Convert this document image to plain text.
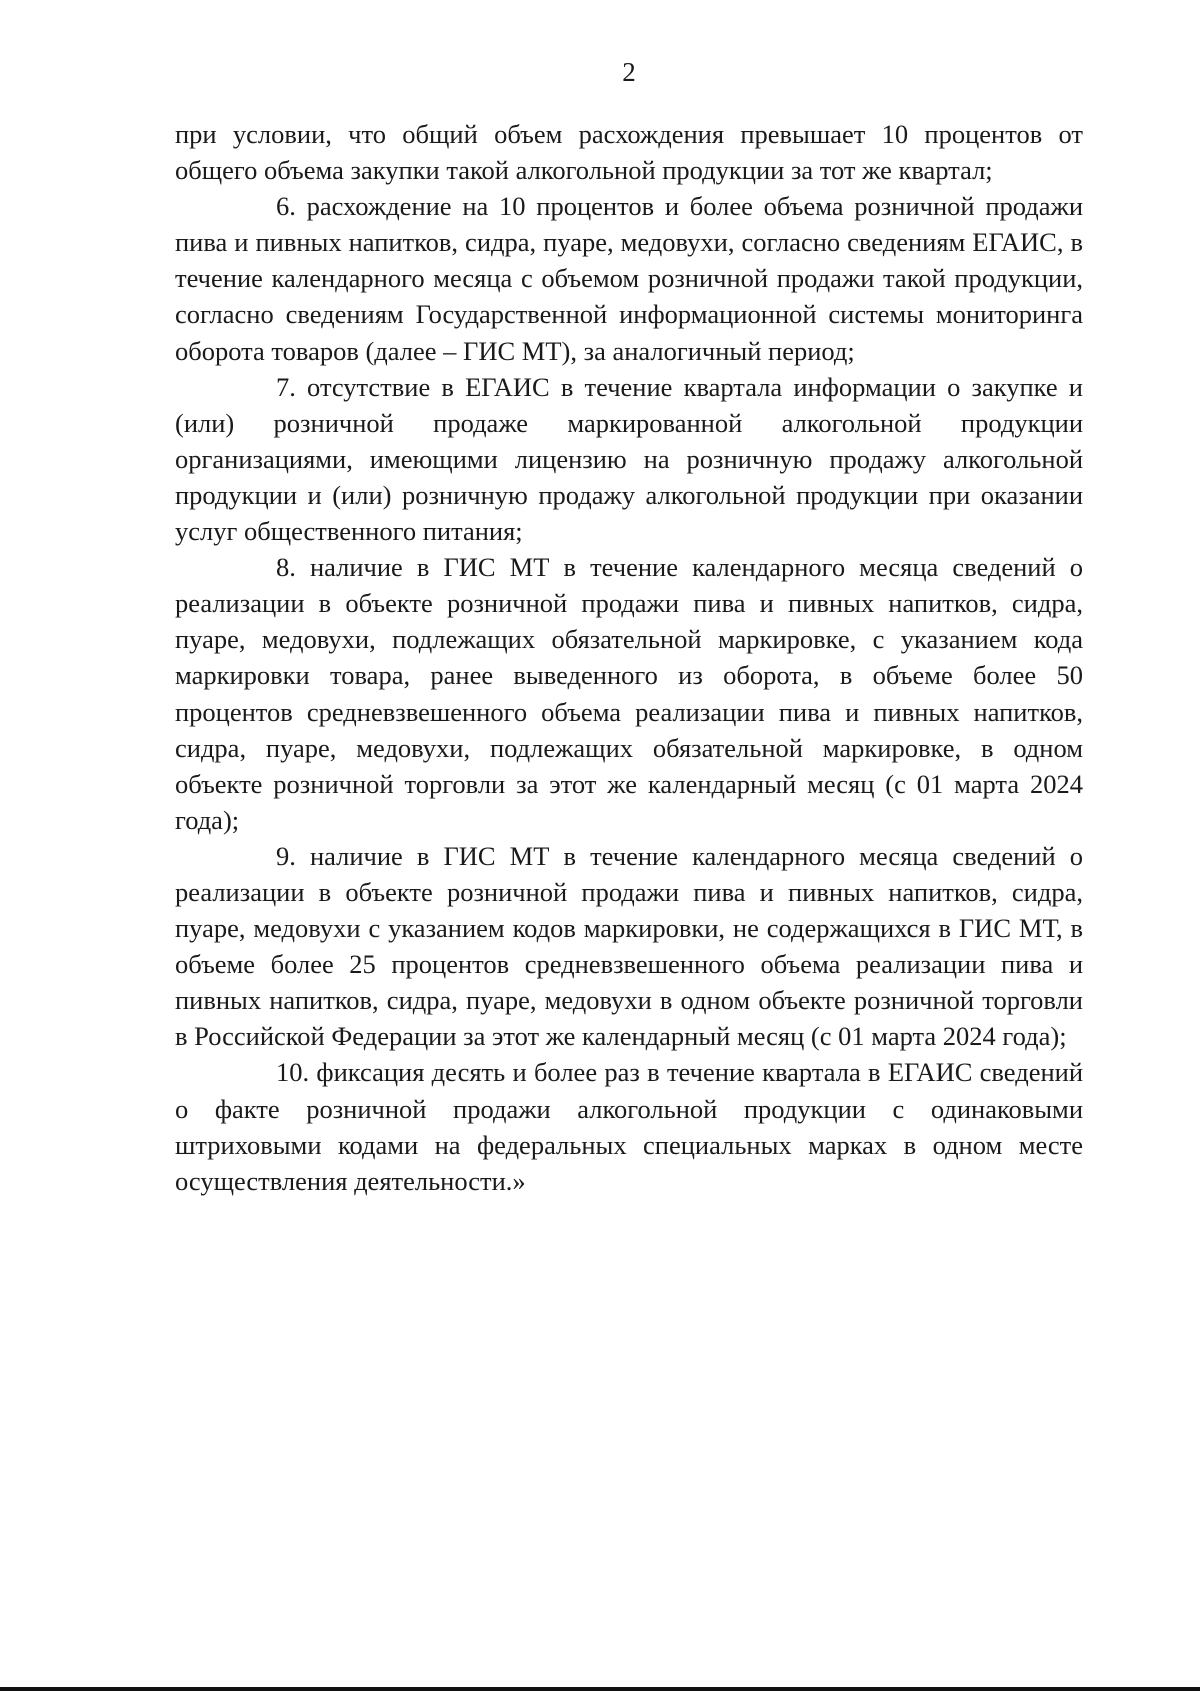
2

при условии, что общий объем расхождения превышает 10 процентов от общего объема закупки такой алкогольной продукции за тот же квартал;

6. расхождение на 10 процентов и более объема розничной продажи пива и пивных напитков, сидра, пуаре, медовухи, согласно сведениям ЕГАИС, в течение календарного месяца с объемом розничной продажи такой продукции, согласно сведениям Государственной информационной системы мониторинга оборота товаров (далее – ГИС МТ), за аналогичный период;

7. отсутствие в ЕГАИС в течение квартала информации о закупке и (или) розничной продаже маркированной алкогольной продукции организациями, имеющими лицензию на розничную продажу алкогольной продукции и (или) розничную продажу алкогольной продукции при оказании услуг общественного питания;

8. наличие в ГИС МТ в течение календарного месяца сведений о реализации в объекте розничной продажи пива и пивных напитков, сидра, пуаре, медовухи, подлежащих обязательной маркировке, с указанием кода маркировки товара, ранее выведенного из оборота, в объеме более 50 процентов средневзвешенного объема реализации пива и пивных напитков, сидра, пуаре, медовухи, подлежащих обязательной маркировке, в одном объекте розничной торговли за этот же календарный месяц (с 01 марта 2024 года);

9. наличие в ГИС МТ в течение календарного месяца сведений о реализации в объекте розничной продажи пива и пивных напитков, сидра, пуаре, медовухи с указанием кодов маркировки, не содержащихся в ГИС МТ, в объеме более 25 процентов средневзвешенного объема реализации пива и пивных напитков, сидра, пуаре, медовухи в одном объекте розничной торговли в Российской Федерации за этот же календарный месяц (с 01 марта 2024 года);

10. фиксация десять и более раз в течение квартала в ЕГАИС сведений о факте розничной продажи алкогольной продукции с одинаковыми штриховыми кодами на федеральных специальных марках в одном месте осуществления деятельности.»
